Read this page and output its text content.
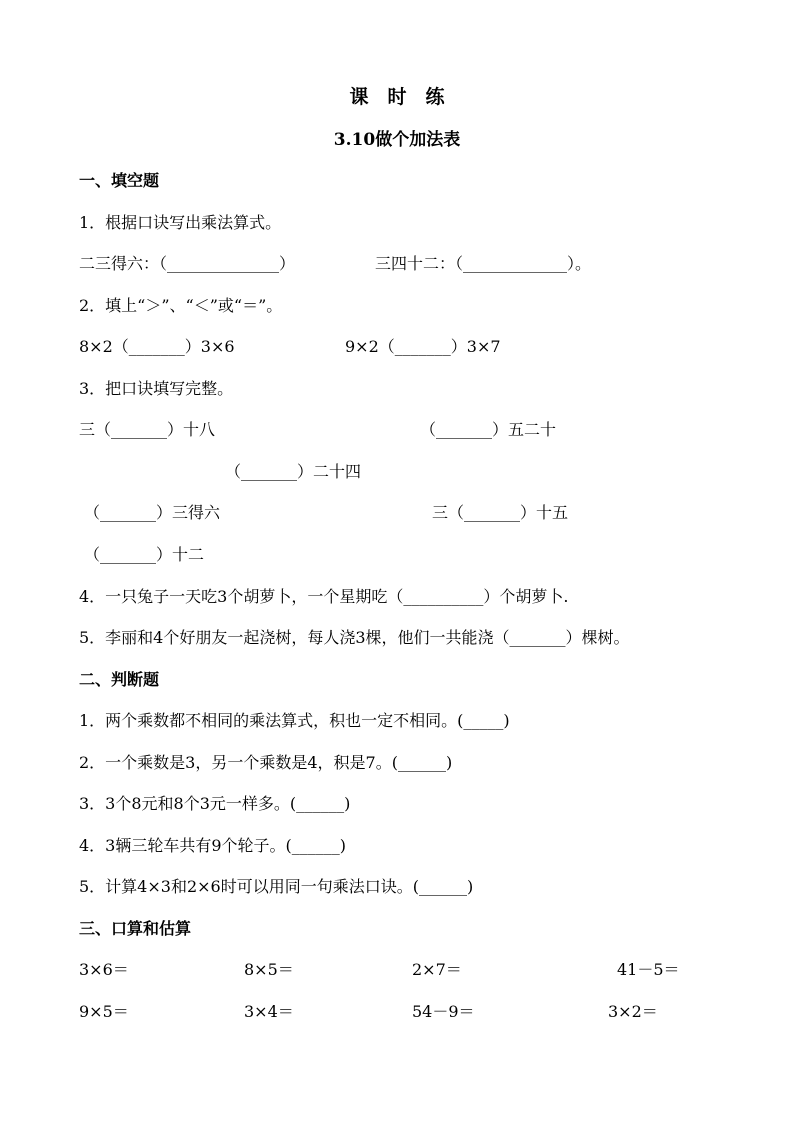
课　时　练
3.10做个加法表
一、填空题
1．根据口诀写出乘法算式。
二三得六：（______________）	三四十二：（_____________）。
2．填上“＞”、“＜”或“＝”。
8×2（_______）3×6	9×2（_______）3×7
3．把口诀填写完整。
三（_______）十八	（_______）五二十
（_______）二十四
（_______）三得六	三（_______）十五
（_______）十二
4．一只兔子一天吃3个胡萝卜，一个星期吃（__________）个胡萝卜.
5．李丽和4个好朋友一起浇树，每人浇3棵，他们一共能浇（_______）棵树。
二、判断题
1．两个乘数都不相同的乘法算式，积也一定不相同。(_____)
2．一个乘数是3，另一个乘数是4，积是7。(______)
3．3个8元和8个3元一样多。(______)
4．3辆三轮车共有9个轮子。(______)
5．计算4×3和2×6时可以用同一句乘法口诀。(______)
三、口算和估算
3×6＝	8×5＝	2×7＝	41－5＝
9×5＝	3×4＝	54－9＝	3×2＝
